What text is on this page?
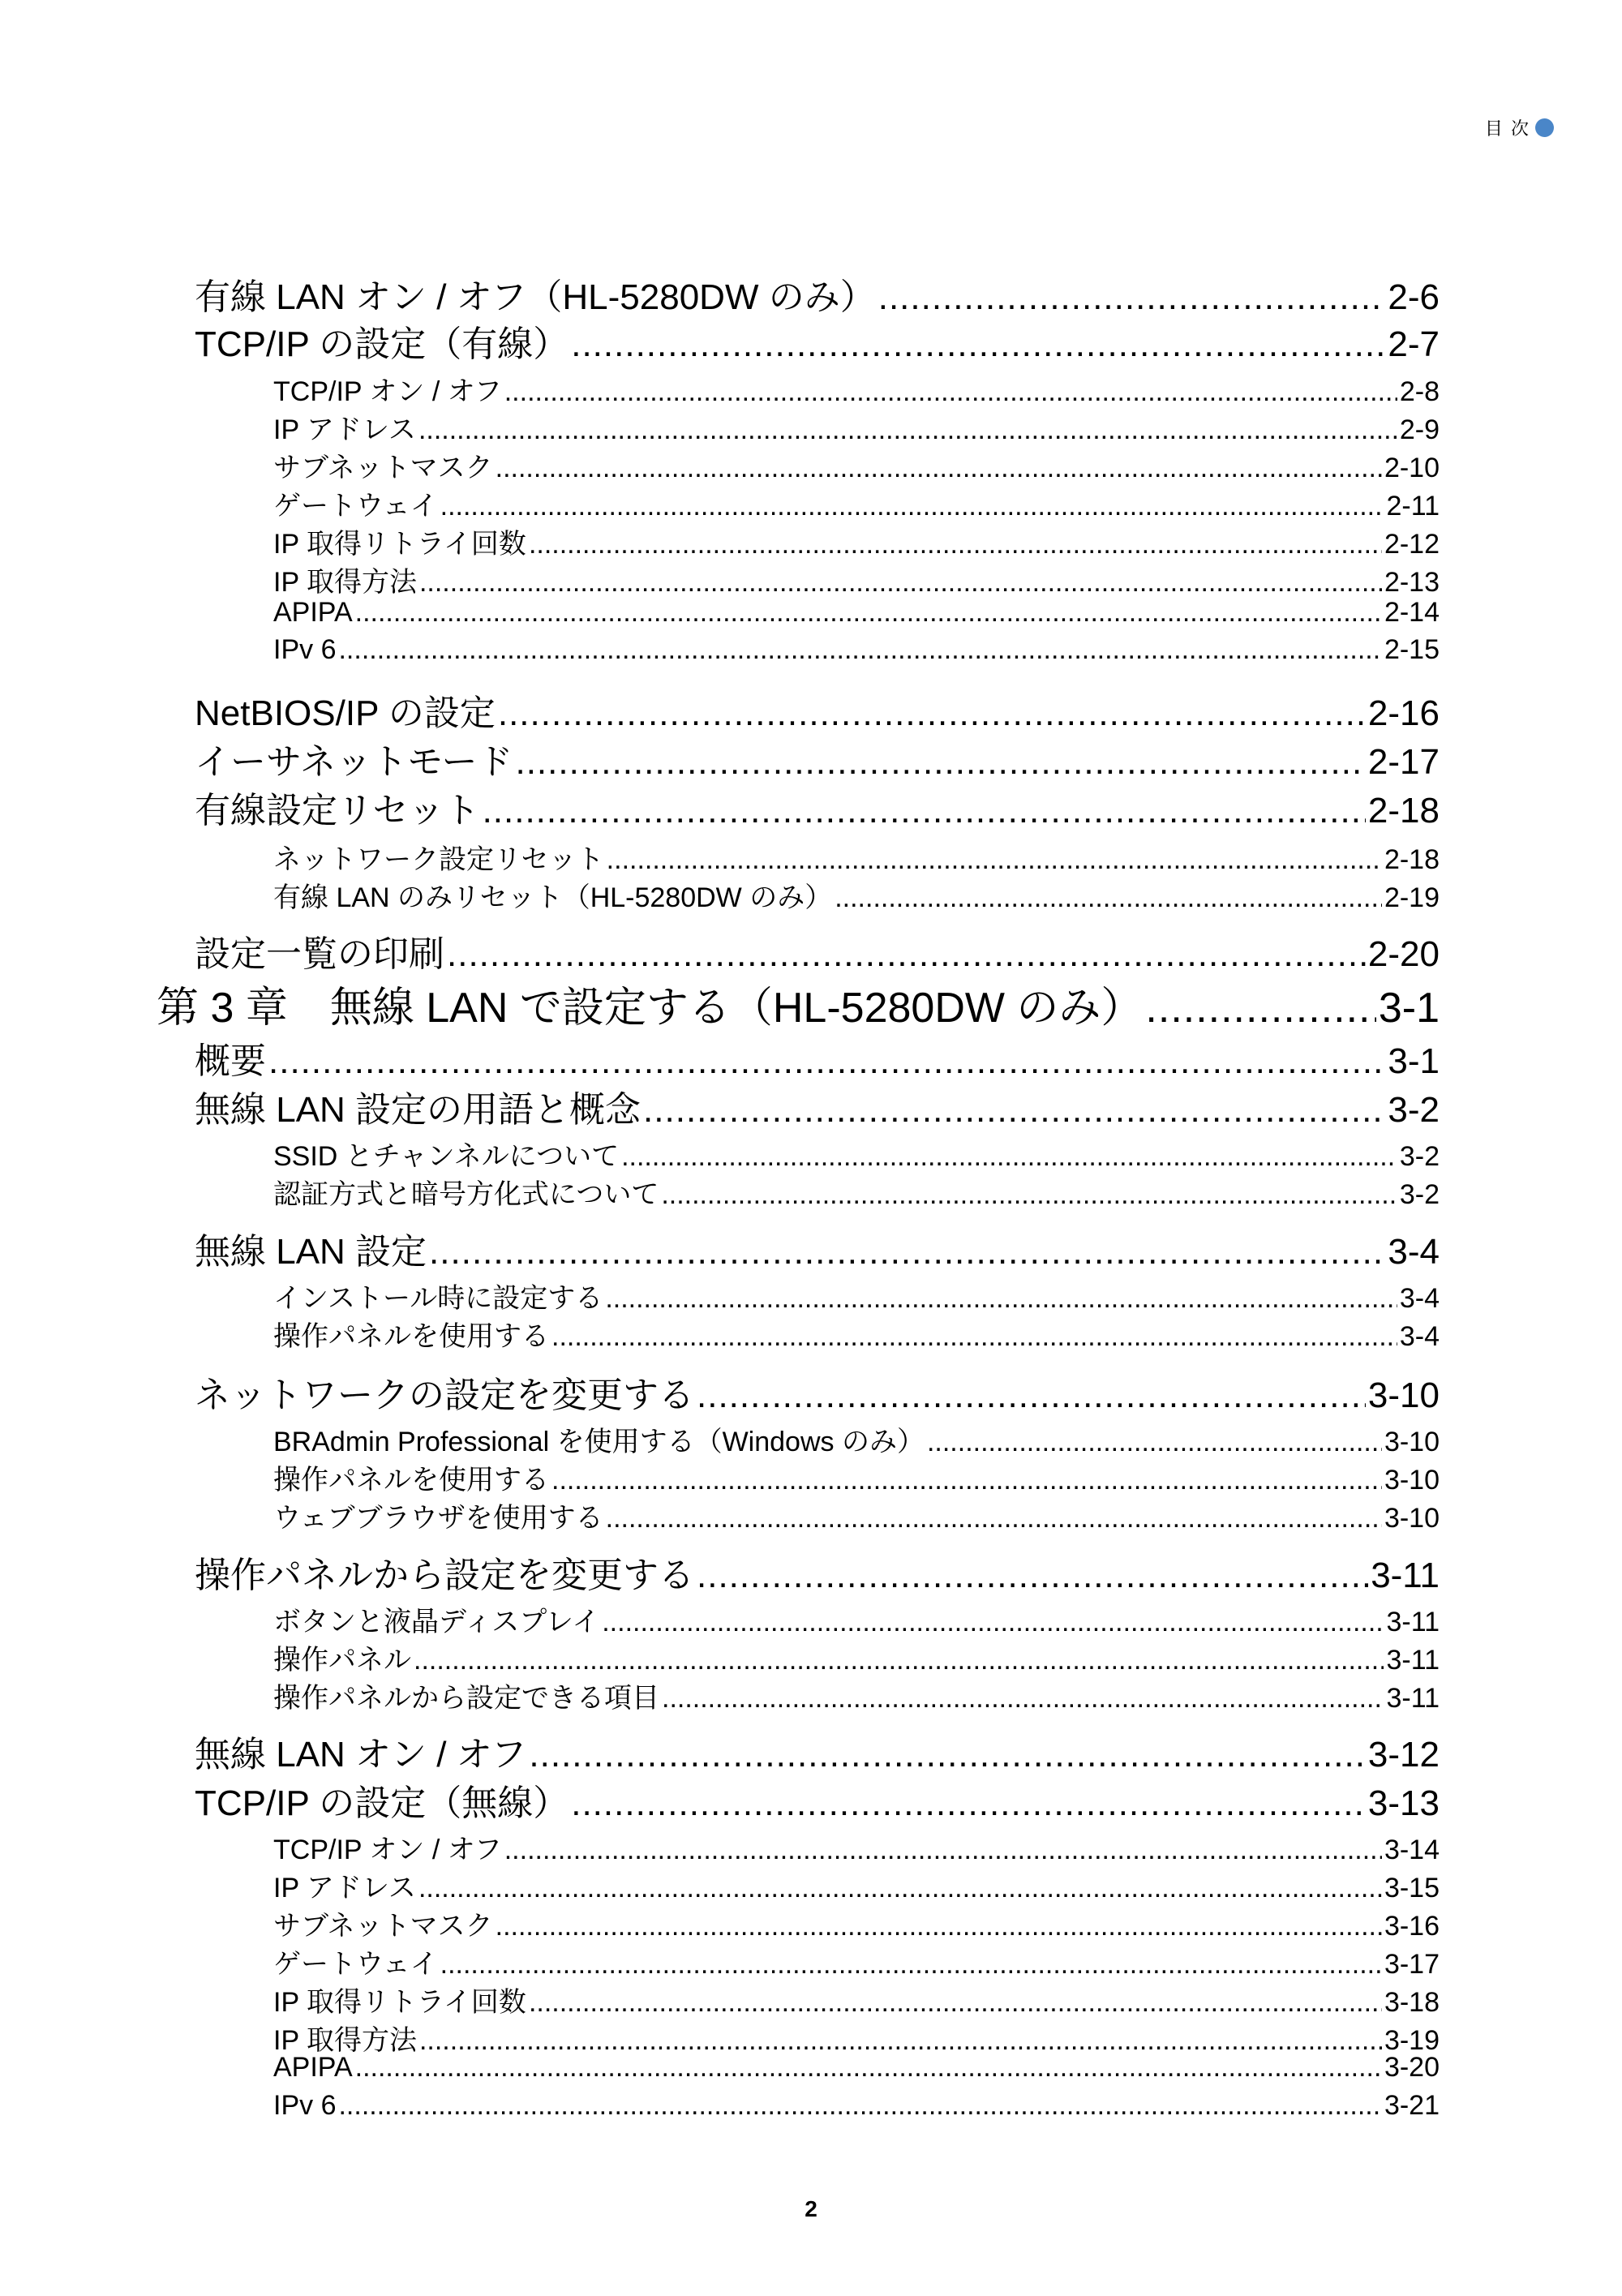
目 次
有線 LAN オン / オフ（HL-5280DW のみ） .....	2-6
TCP/IP の設定（有線） .....	2-7
TCP/IP オン / オフ .....	2-8
IP アドレス .....	2-9
サブネットマスク .....	2-10
ゲートウェイ .....	2-11
IP 取得リトライ回数 .....	2-12
IP 取得方法 .....	2-13
APIPA .....	2-14
IPv 6 .....	2-15
NetBIOS/IP の設定 .....	2-16
イーサネットモード .....	2-17
有線設定リセット .....	2-18
ネットワーク設定リセット .....	2-18
有線 LAN のみリセット（HL-5280DW のみ） .....	2-19
設定一覧の印刷 .....	2-20
第 3 章　無線 LAN で設定する（HL-5280DW のみ） .....	3-1
概要 .....	3-1
無線 LAN 設定の用語と概念 .....	3-2
SSID とチャンネルについて .....	3-2
認証方式と暗号方化式について .....	3-2
無線 LAN 設定 .....	3-4
インストール時に設定する .....	3-4
操作パネルを使用する .....	3-4
ネットワークの設定を変更する .....	3-10
BRAdmin Professional を使用する（Windows のみ） .....	3-10
操作パネルを使用する .....	3-10
ウェブブラウザを使用する .....	3-10
操作パネルから設定を変更する .....	3-11
ボタンと液晶ディスプレイ .....	3-11
操作パネル .....	3-11
操作パネルから設定できる項目 .....	3-11
無線 LAN オン / オフ .....	3-12
TCP/IP の設定（無線） .....	3-13
TCP/IP オン / オフ .....	3-14
IP アドレス .....	3-15
サブネットマスク .....	3-16
ゲートウェイ .....	3-17
IP 取得リトライ回数 .....	3-18
IP 取得方法 .....	3-19
APIPA .....	3-20
IPv 6 .....	3-21
2
